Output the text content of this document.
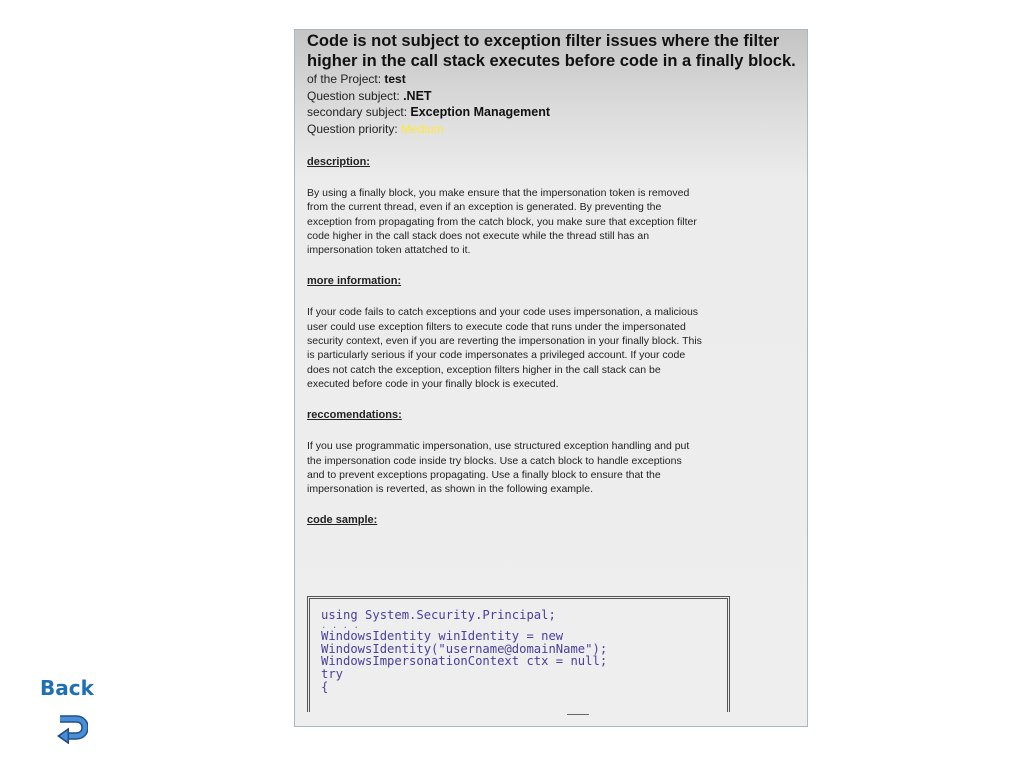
Code is not subject to exception filter issues where the filter higher in the call stack executes before code in a finally block.
of the Project: test
Question subject: .NET
secondary subject: Exception Management
Question priority: Medium
description:
By using a finally block, you make ensure that the impersonation token is removed
from the current thread, even if an exception is generated. By preventing the
exception from propagating from the catch block, you make sure that exception filter
code higher in the call stack does not execute while the thread still has an
impersonation token attatched to it.
more information:
If your code fails to catch exceptions and your code uses impersonation, a malicious
user could use exception filters to execute code that runs under the impersonated
security context, even if you are reverting the impersonation in your finally block. This
is particularly serious if your code impersonates a privileged account. If your code
does not catch the exception, exception filters higher in the call stack can be
executed before code in your finally block is executed.
reccomendations:
If you use programmatic impersonation, use structured exception handling and put
the impersonation code inside try blocks. Use a catch block to handle exceptions
and to prevent exceptions propagating. Use a finally block to ensure that the
impersonation is reverted, as shown in the following example.
code sample:
using System.Security.Principal;

. . . .
WindowsIdentity winIdentity = new
WindowsIdentity("username@domainName");
WindowsImpersonationContext ctx = null;
try
{
Back
